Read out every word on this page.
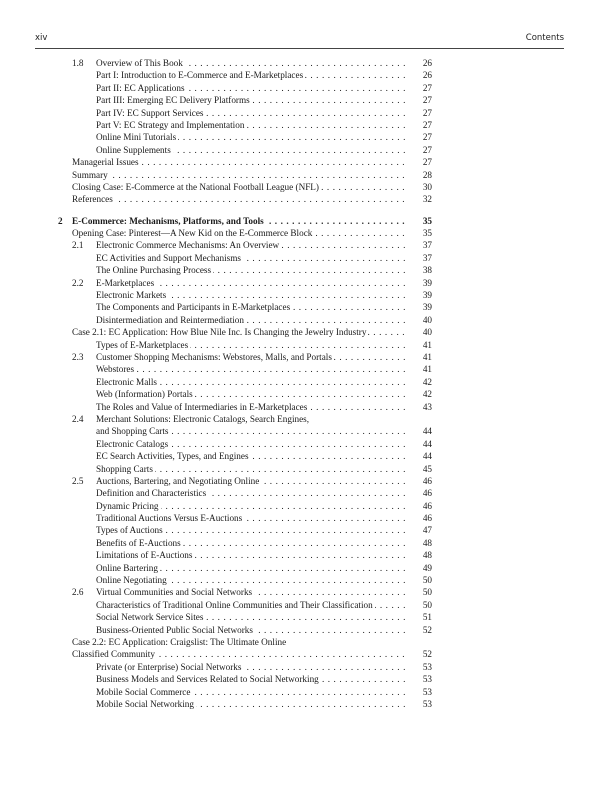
xiv	Contents
1.8	Overview of This Book . . .	26
Part I: Introduction to E-Commerce and E-Marketplaces . . .	26
Part II: EC Applications . . .	27
Part III: Emerging EC Delivery Platforms . . .	27
Part IV: EC Support Services . . .	27
Part V: EC Strategy and Implementation . . .	27
Online Mini Tutorials . . .	27
Online Supplements . . .	27
Managerial Issues . . .	27
Summary . . .	28
Closing Case: E-Commerce at the National Football League (NFL) . . .	30
References . . .	32
2 E-Commerce: Mechanisms, Platforms, and Tools . . .	35
Opening Case: Pinterest—A New Kid on the E-Commerce Block . . .	35
2.1	Electronic Commerce Mechanisms: An Overview . . .	37
EC Activities and Support Mechanisms . . .	37
The Online Purchasing Process . . .	38
2.2	E-Marketplaces . . .	39
Electronic Markets . . .	39
The Components and Participants in E-Marketplaces . . .	39
Disintermediation and Reintermediation . . .	40
Case 2.1: EC Application: How Blue Nile Inc. Is Changing the Jewelry Industry . . .	40
Types of E-Marketplaces . . .	41
2.3	Customer Shopping Mechanisms: Webstores, Malls, and Portals . . .	41
Webstores . . .	41
Electronic Malls . . .	42
Web (Information) Portals . . .	42
The Roles and Value of Intermediaries in E-Marketplaces . . .	43
2.4	Merchant Solutions: Electronic Catalogs, Search Engines,
and Shopping Carts . . .	44
Electronic Catalogs . . .	44
EC Search Activities, Types, and Engines . . .	44
Shopping Carts . . .	45
2.5	Auctions, Bartering, and Negotiating Online . . .	46
Definition and Characteristics . . .	46
Dynamic Pricing . . .	46
Traditional Auctions Versus E-Auctions . . .	46
Types of Auctions . . .	47
Benefits of E-Auctions . . .	48
Limitations of E-Auctions . . .	48
Online Bartering . . .	49
Online Negotiating . . .	50
2.6	Virtual Communities and Social Networks . . .	50
Characteristics of Traditional Online Communities and Their Classification . . .	50
Social Network Service Sites . . .	51
Business-Oriented Public Social Networks . . .	52
Case 2.2: EC Application: Craigslist: The Ultimate Online
Classified Community . . .	52
Private (or Enterprise) Social Networks . . .	53
Business Models and Services Related to Social Networking . . .	53
Mobile Social Commerce . . .	53
Mobile Social Networking . . .	53
